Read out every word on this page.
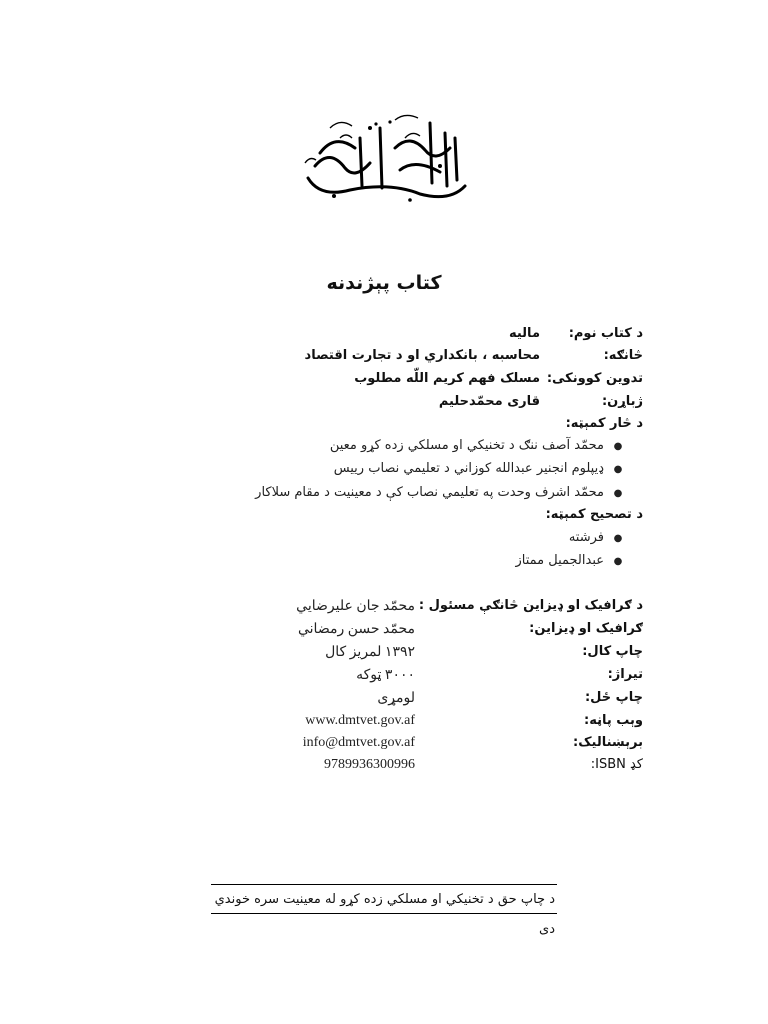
کتاب پېژندنه
د کتاب نوم:
مالیه
څانګه:
محاسبه ، بانکداري او د تجارت اقتصاد
تدوین کوونکی:
مسلک فهم کریم اللّه مطلوب
ژباړن:
قاری محمّدحلیم
د څار کمېټه:
●محمّد آصف ننګ د تخنیکي او مسلکي زده کړو معین
●ډیپلوم انجنیر عبدالله کوزاني د تعلیمي نصاب رییس
●محمّد اشرف وحدت په تعلیمي نصاب کې د معینیت د مقام سلاکار
د تصحیح کمېټه:
●فرشته
●عبدالجمیل ممتاز
د ګرافیک او ډیزاین څانګې مسئول :
محمّد جان علیرضایي
ګرافیک او ډیزاین:
محمّد حسن رمضاني
چاپ کال:
۱۳۹۲ لمریز کال
تیراژ:
۳۰۰۰ ټوکه
چاپ ځل:
لومړی
وېب پاڼه:
www.dmtvet.gov.af
برېښنالیک:
info@dmtvet.gov.af
کډ ISBN:
9789936300996
د چاپ حق د تخنیکي او مسلکي زده کړو له معینیت سره خوندي دی
